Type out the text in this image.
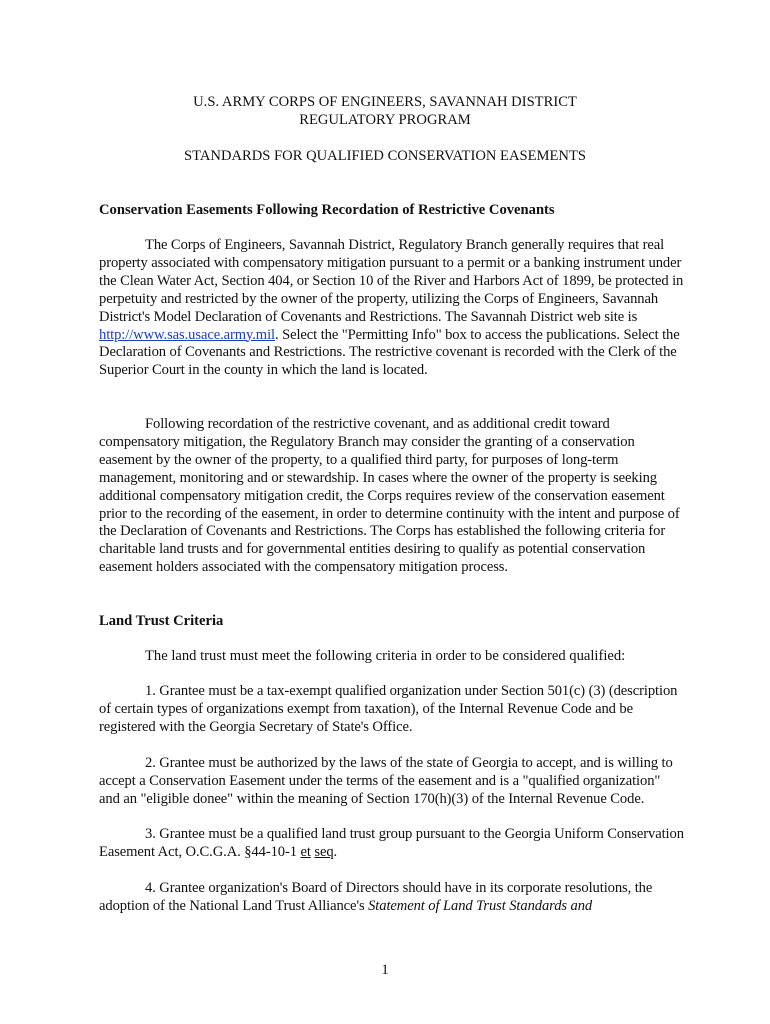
U.S. ARMY CORPS OF ENGINEERS, SAVANNAH DISTRICT
REGULATORY PROGRAM
STANDARDS FOR QUALIFIED CONSERVATION EASEMENTS
Conservation Easements Following Recordation of Restrictive Covenants

The Corps of Engineers, Savannah District, Regulatory Branch generally requires that real property associated with compensatory mitigation pursuant to a permit or a banking instrument under the Clean Water Act, Section 404, or Section 10 of the River and Harbors Act of 1899, be protected in perpetuity and restricted by the owner of the property, utilizing the Corps of Engineers, Savannah District's Model Declaration of Covenants and Restrictions. The Savannah District web site is http://www.sas.usace.army.mil. Select the "Permitting Info" box to access the publications. Select the Declaration of Covenants and Restrictions. The restrictive covenant is recorded with the Clerk of the Superior Court in the county in which the land is located.

Following recordation of the restrictive covenant, and as additional credit toward compensatory mitigation, the Regulatory Branch may consider the granting of a conservation easement by the owner of the property, to a qualified third party, for purposes of long-term management, monitoring and or stewardship. In cases where the owner of the property is seeking additional compensatory mitigation credit, the Corps requires review of the conservation easement prior to the recording of the easement, in order to determine continuity with the intent and purpose of the Declaration of Covenants and Restrictions. The Corps has established the following criteria for charitable land trusts and for governmental entities desiring to qualify as potential conservation easement holders associated with the compensatory mitigation process.

Land Trust Criteria

The land trust must meet the following criteria in order to be considered qualified:

1. Grantee must be a tax-exempt qualified organization under Section 501(c) (3) (description of certain types of organizations exempt from taxation), of the Internal Revenue Code and be registered with the Georgia Secretary of State's Office.

2. Grantee must be authorized by the laws of the state of Georgia to accept, and is willing to accept a Conservation Easement under the terms of the easement and is a "qualified organization" and an "eligible donee" within the meaning of Section 170(h)(3) of the Internal Revenue Code.

3. Grantee must be a qualified land trust group pursuant to the Georgia Uniform Conservation Easement Act, O.C.G.A. §44-10-1 et seq.

4. Grantee organization's Board of Directors should have in its corporate resolutions, the adoption of the National Land Trust Alliance's Statement of Land Trust Standards and

1
